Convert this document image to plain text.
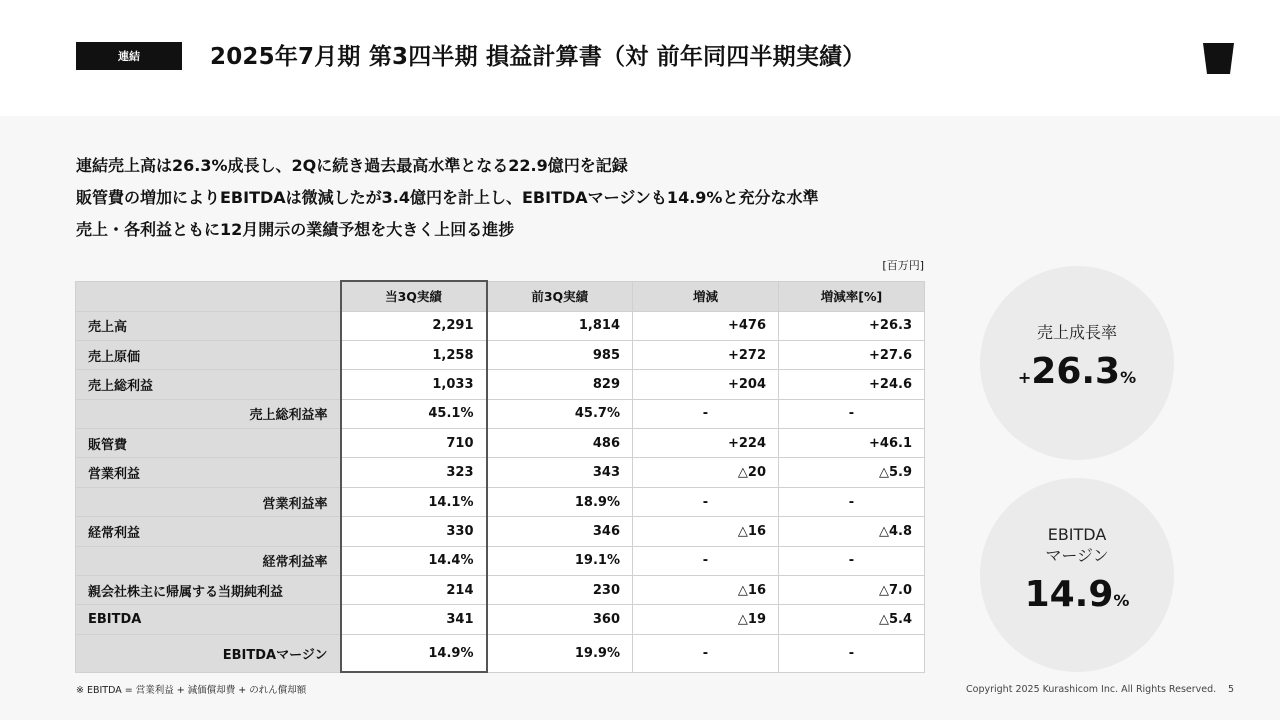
連結	2025年7月期 第3四半期 損益計算書（対 前年同四半期実績）
連結売上高は26.3%成長し、2Qに続き過去最高水準となる22.9億円を記録
販管費の増加によりEBITDAは微減したが3.4億円を計上し、EBITDAマージンも14.9%と充分な水準
売上・各利益ともに12月開示の業績予想を大きく上回る進捗
[百万円]
	当3Q実績	前3Q実績	増減	増減率[%]
売上高	2,291	1,814	+476	+26.3
売上原価	1,258	985	+272	+27.6
売上総利益	1,033	829	+204	+24.6
売上総利益率	45.1%	45.7%	-	-
販管費	710	486	+224	+46.1
営業利益	323	343	△20	△5.9
営業利益率	14.1%	18.9%	-	-
経常利益	330	346	△16	△4.8
経常利益率	14.4%	19.1%	-	-
親会社株主に帰属する当期純利益	214	230	△16	△7.0
EBITDA	341	360	△19	△5.4
EBITDAマージン	14.9%	19.9%	-	-
売上成長率
+26.3%
EBITDA
マージン
14.9%
※ EBITDA = 営業利益 + 減価償却費 + のれん償却額	Copyright 2025 Kurashicom Inc. All Rights Reserved. 5
